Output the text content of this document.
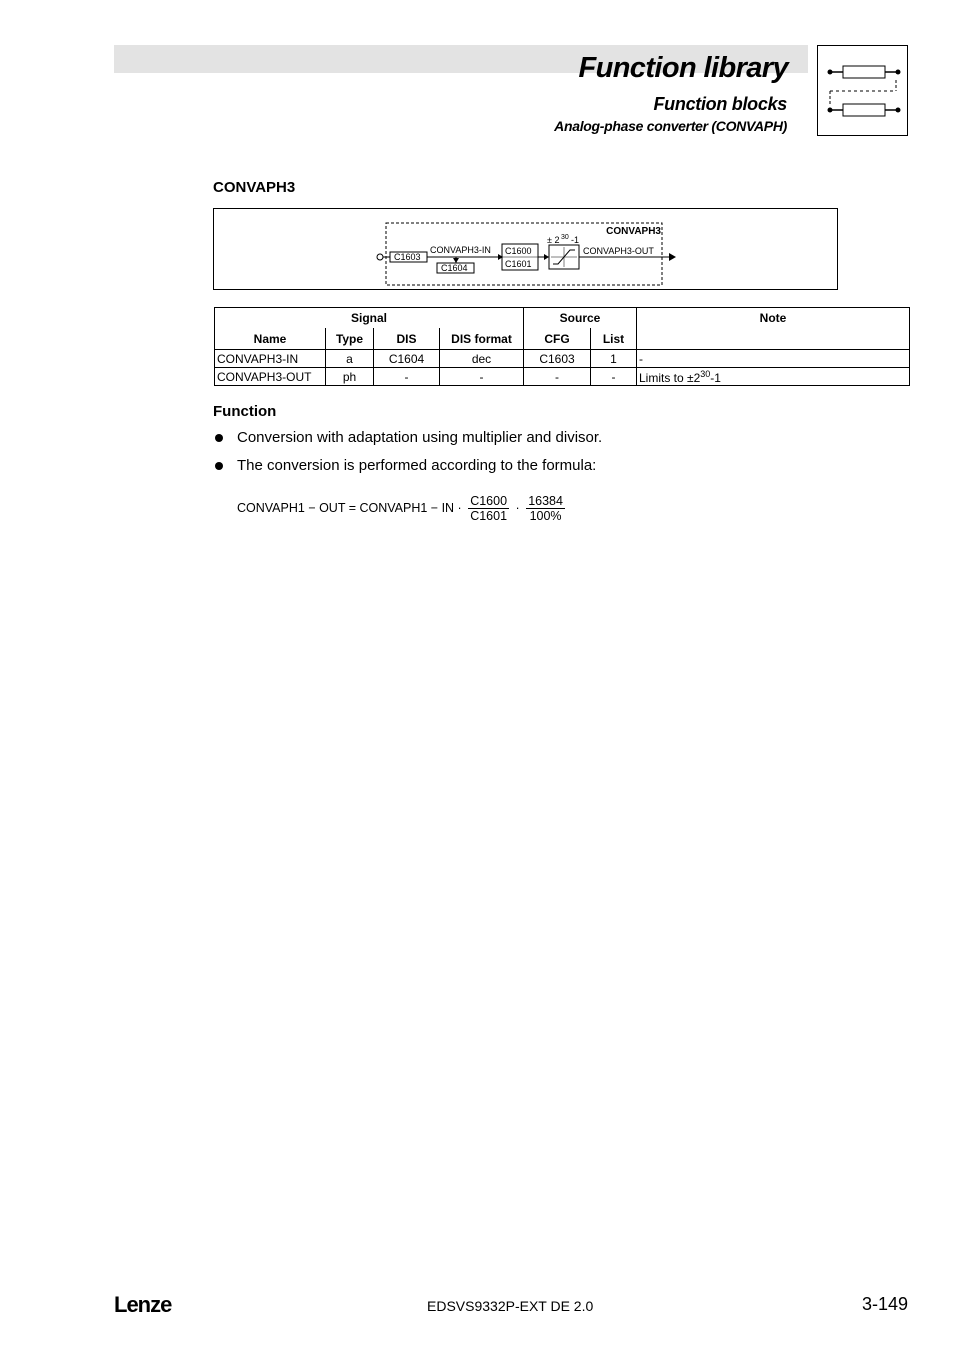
Function library
Function blocks
Analog-phase converter (CONVAPH)
CONVAPH3
CONVAPH3
C1603
CONVAPH3-IN
C1604
C1600
C1601
± 2 30 -1
CONVAPH3-OUT
Signal				Source		Note
Name	Type	DIS	DIS format	CFG	List	
CONVAPH3-IN	a	C1604	dec	C1603	1	-
CONVAPH3-OUT	ph	-	-	-	-	Limits to $\pm 2^{30}-1$
Function
Conversion with adaptation using multiplier and divisor.
The conversion is performed according to the formula:
CONVAPH1 − OUT = CONVAPH1 − IN · $\frac{C1600}{C1601} \cdot \frac{16384}{100\%}$
Lenze	EDSVS9332P-EXT DE 2.0	3-149
